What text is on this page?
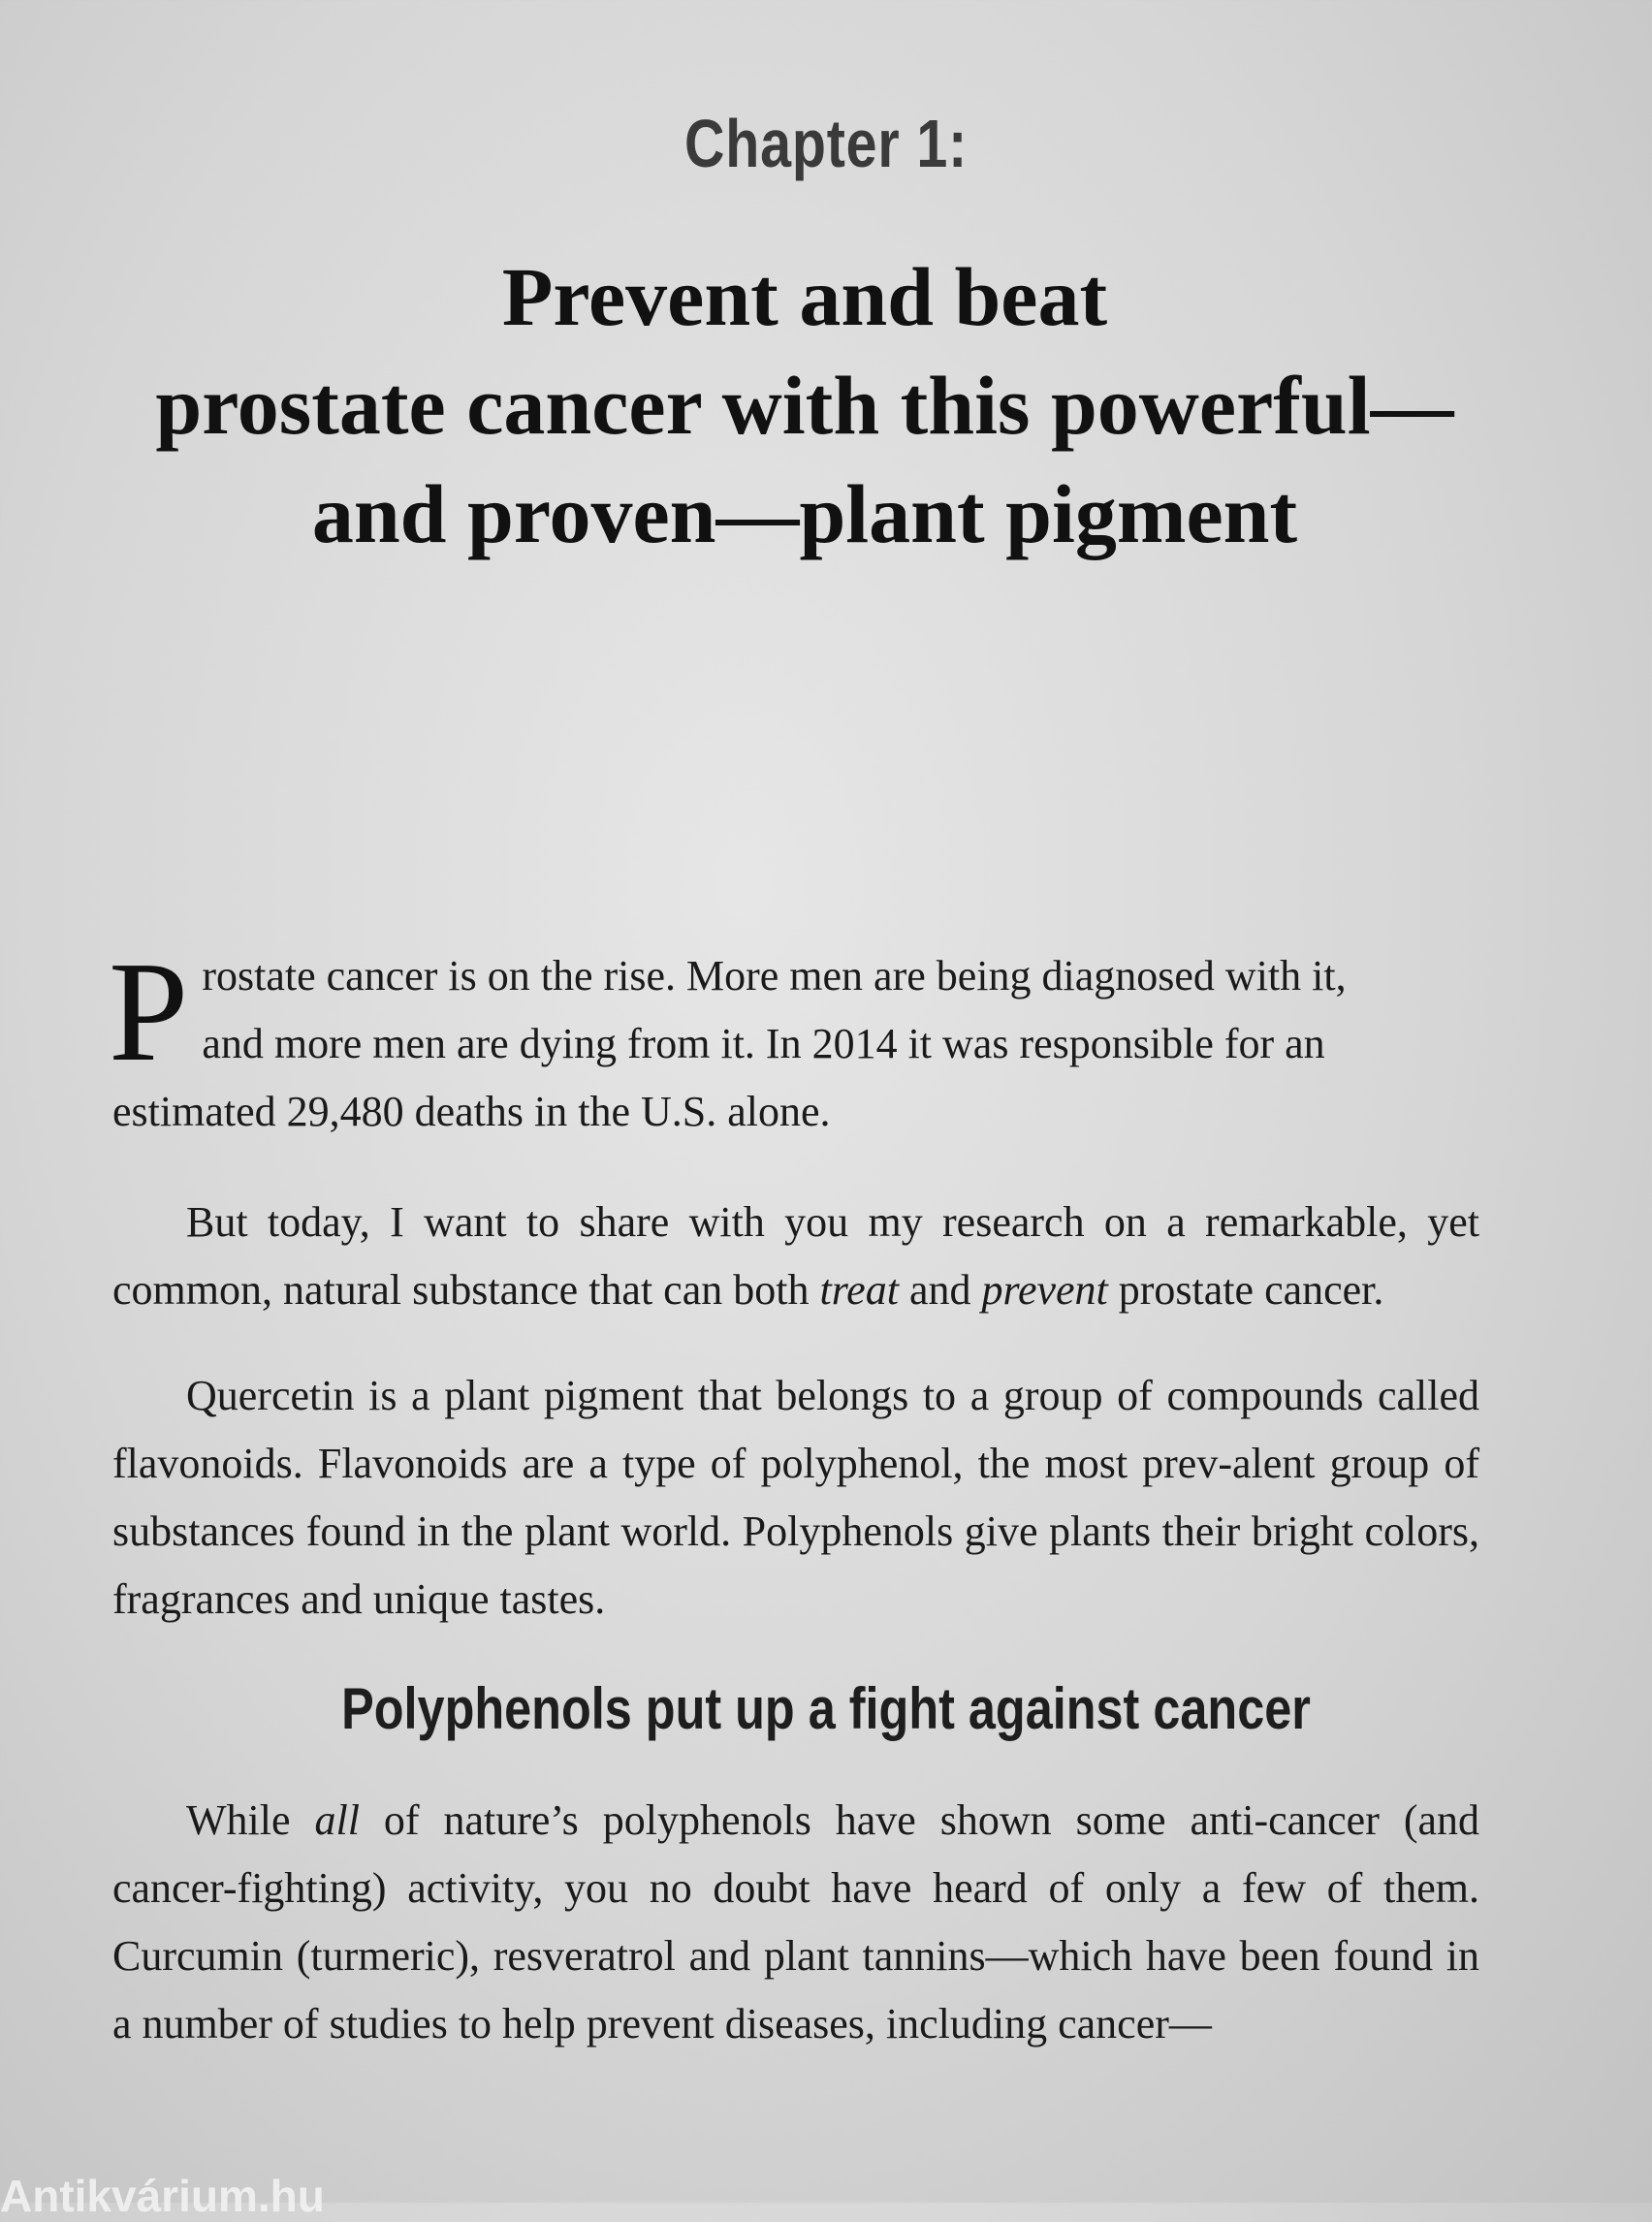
Chapter 1:
Prevent and beat
prostate cancer with this powerful—
and proven—plant pigment
P rostate cancer is on the rise. More men are being diagnosed with it,
and more men are dying from it. In 2014 it was responsible for an
estimated 29,480 deaths in the U.S. alone.

But today, I want to share with you my research on a remarkable, yet common, natural substance that can both treat and prevent prostate cancer.

Quercetin is a plant pigment that belongs to a group of compounds called flavonoids. Flavonoids are a type of polyphenol, the most prev-alent group of substances found in the plant world. Polyphenols give plants their bright colors, fragrances and unique tastes.

Polyphenols put up a fight against cancer

While all of nature’s polyphenols have shown some anti-cancer (and cancer-fighting) activity, you no doubt have heard of only a few of them. Curcumin (turmeric), resveratrol and plant tannins—which have been found in a number of studies to help prevent diseases, including cancer—

Antikvárium.hu
